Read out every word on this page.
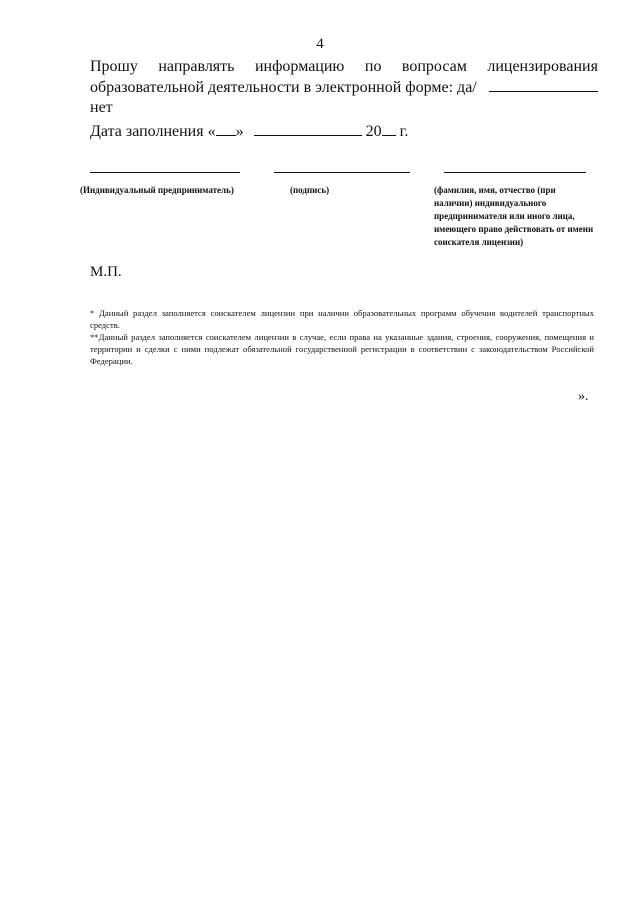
4
Прошу направлять информацию по вопросам лицензирования
образовательной деятельности в электронной форме: да/нет
Дата заполнения « »	20 г.
(Индивидуальный предприниматель)	(подпись)	(фамилия, имя, отчество (при наличии) индивидуального предпринимателя или иного лица, имеющего право действовать от имени соискателя лицензии)
М.П.
* Данный раздел заполняется соискателем лицензии при наличии образовательных программ обучения водителей транспортных средств.
**Данный раздел заполняется соискателем лицензии в случае, если права на указанные здания, строения, сооружения, помещения и территории и сделки с ними подлежат обязательной государственной регистрации в соответствии с законодательством Российской Федерации.
».
